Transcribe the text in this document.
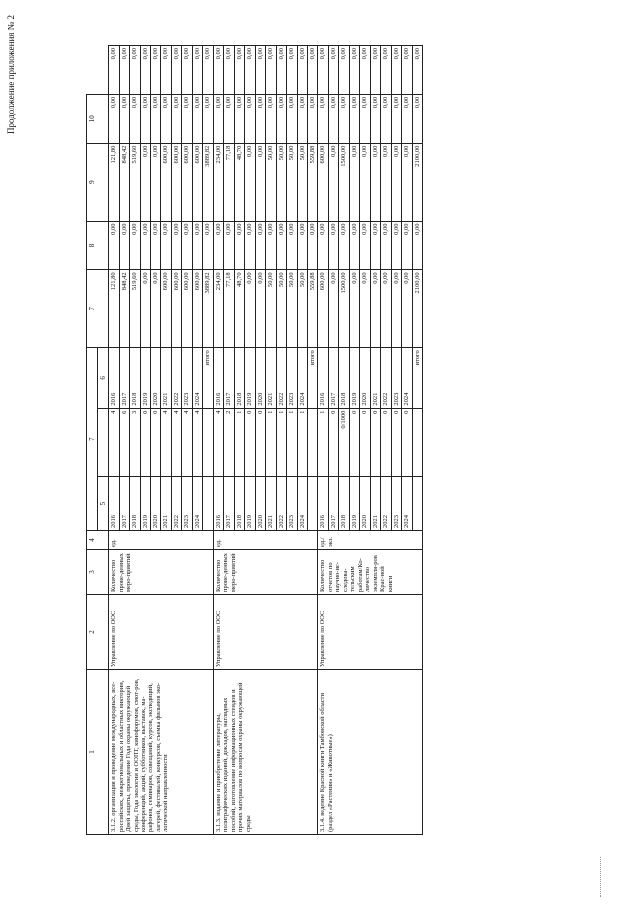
Продолжение приложения № 2
1	2	3	4	7			7	8	9	10	
				5		6					
3.1.2. организация и проведение международных, все-российских, межрегиональных и областных викторин, Дней защиты, проведение Года охраны окружающей среды, Года экологии и ООПТ, кинофорумов, смот-ров, конференций, акций, субботников, выставок, ма-рафонов, семинаров, совещаний, курсов, экспедиций, лагерей, фестивалей, конкурсов, съемка фильмов эко-логической направленности	Управление по ООС	Количество прове-денных меро-приятий	ед.	2016	4	2016	121,80	0,00	121,80	0,00	0,00
				2017	6	2017	848,42	0,00	848,42	0,00	0,00
				2018	3	2018	519,60	0,00	519,60	0,00	0,00
				2019	0	2019	0,00	0,00	0,00	0,00	0,00
				2020	0	2020	0,00	0,00	0,00	0,00	0,00
				2021	4	2021	600,00	0,00	600,00	0,00	0,00
				2022	4	2022	600,00	0,00	600,00	0,00	0,00
				2023	4	2023	600,00	0,00	600,00	0,00	0,00
				2024	4	2024	600,00	0,00	600,00	0,00	0,00
						итого	3889,82	0,00	3889,82	0,00	0,00
3.1.3. издание и приобретение литературы, полиграфических изданий, докладов, наглядных пособий, изготовление информационных стендов и прочих материалов по вопросам охраны окружающей среды	Управление по ООС	Количество прове-денных меро-приятий	ед.	2016	4	2016	234,00	0,00	234,00	0,00	0,00
				2017	2	2017	77,18	0,00	77,18	0,00	0,00
				2018	1	2018	48,70	0,00	48,70	0,00	0,00
				2019	0	2019	0,00	0,00	0,00	0,00	0,00
				2020	0	2020	0,00	0,00	0,00	0,00	0,00
				2021	1	2021	50,00	0,00	50,00	0,00	0,00
				2022	1	2022	50,00	0,00	50,00	0,00	0,00
				2023	1	2023	50,00	0,00	50,00	0,00	0,00
				2024	1	2024	50,00	0,00	50,00	0,00	0,00
						итого	559,88	0,00	559,88	0,00	0,00
3.1.4. ведение Красной книги Тамбовской области (раздел «Растения» и «Животные»)	Управление по ООС	Количество отчетов по научно-ис-следова-тельским работам/Ко-личество экземпля-ров Крас-ной книги	ед./экз.	2016	1	2016	600,00	0,00	600,00	0,00	0,00
				2017	0	2017	0,00	0,00	0,00	0,00	0,00
				2018	0/1000	2018	1500,00	0,00	1500,00	0,00	0,00
				2019	0	2019	0,00	0,00	0,00	0,00	0,00
				2020	0	2020	0,00	0,00	0,00	0,00	0,00
				2021	0	2021	0,00	0,00	0,00	0,00	0,00
				2022	0	2022	0,00	0,00	0,00	0,00	0,00
				2023	0	2023	0,00	0,00	0,00	0,00	0,00
				2024	0	2024	0,00	0,00	0,00	0,00	0,00
						итого	2100,00	0,00	2100,00	0,00	0,00
